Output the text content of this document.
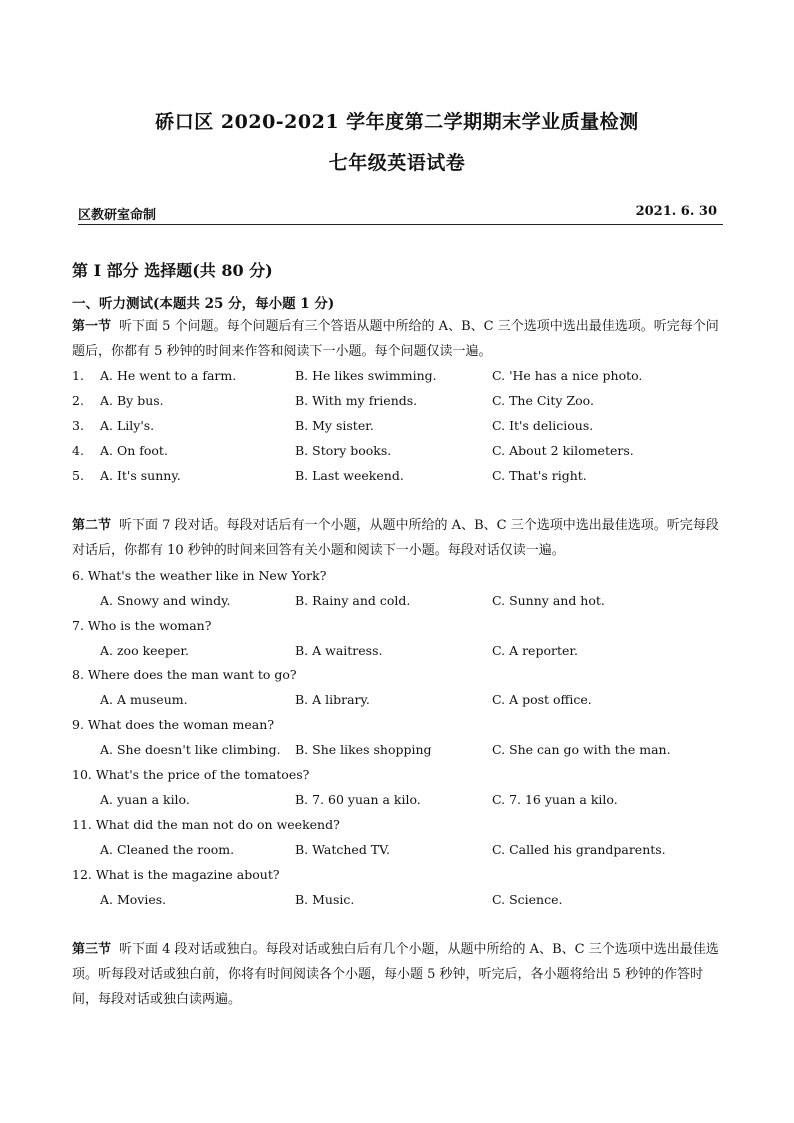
硚口区 2020-2021 学年度第二学期期末学业质量检测
七年级英语试卷
区教研室命制	2021. 6. 30
第 I 部分 选择题(共 80 分)
一、听力测试(本题共 25 分，每小题 1 分)
第一节 听下面 5 个问题。每个问题后有三个答语从题中所给的 A、B、C 三个选项中选出最佳选项。听完每个问题后，你都有 5 秒钟的时间来作答和阅读下一小题。每个问题仅读一遍。
1. A. He went to a farm.	B. He likes swimming.	C. 'He has a nice photo.
2. A. By bus.	B. With my friends.	C. The City Zoo.
3. A. Lily's.	B. My sister.	C. It's delicious.
4. A. On foot.	B. Story books.	C. About 2 kilometers.
5. A. It's sunny.	B. Last weekend.	C. That's right.
第二节 听下面 7 段对话。每段对话后有一个小题，从题中所给的 A、B、C 三个选项中选出最佳选项。听完每段对话后，你都有 10 秒钟的时间来回答有关小题和阅读下一小题。每段对话仅读一遍。
6. What's the weather like in New York?
A. Snowy and windy.	B. Rainy and cold.	C. Sunny and hot.
7. Who is the woman?
A. zoo keeper.	B. A waitress.	C. A reporter.
8. Where does the man want to go?
A. A museum.	B. A library.	C. A post office.
9. What does the woman mean?
A. She doesn't like climbing. B. She likes shopping	C. She can go with the man.
10. What's the price of the tomatoes?
A. yuan a kilo.	B. 7. 60 yuan a kilo.	C. 7. 16 yuan a kilo.
11. What did the man not do on weekend?
A. Cleaned the room.	B. Watched TV.	C. Called his grandparents.
12. What is the magazine about?
A. Movies.	B. Music.	C. Science.
第三节 听下面 4 段对话或独白。每段对话或独白后有几个小题，从题中所给的 A、B、C 三个选项中选出最佳选项。听每段对话或独白前，你将有时间阅读各个小题，每小题 5 秒钟，听完后，各小题将给出 5 秒钟的作答时间，每段对话或独白读两遍。
